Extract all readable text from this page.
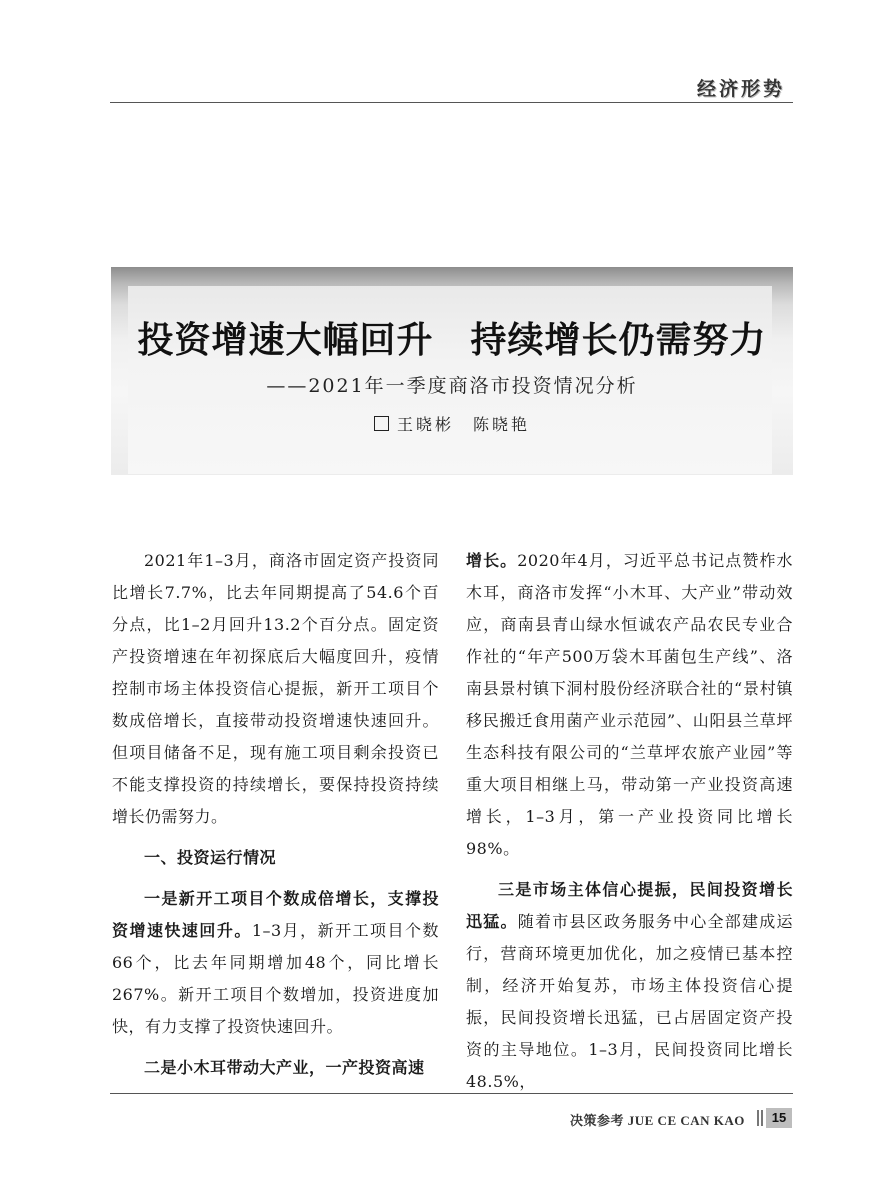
经济形势
投资增速大幅回升　持续增长仍需努力
——2021年一季度商洛市投资情况分析
王晓彬　陈晓艳

2021年1–3月，商洛市固定资产投资同比增长7.7%，比去年同期提高了54.6个百分点，比1–2月回升13.2个百分点。固定资产投资增速在年初探底后大幅度回升，疫情控制市场主体投资信心提振，新开工项目个数成倍增长，直接带动投资增速快速回升。但项目储备不足，现有施工项目剩余投资已不能支撑投资的持续增长，要保持投资持续增长仍需努力。

一、投资运行情况

一是新开工项目个数成倍增长，支撑投资增速快速回升。1–3月，新开工项目个数66个，比去年同期增加48个，同比增长267%。新开工项目个数增加，投资进度加快，有力支撑了投资快速回升。

二是小木耳带动大产业，一产投资高速

增长。2020年4月，习近平总书记点赞柞水木耳，商洛市发挥“小木耳、大产业”带动效应，商南县青山绿水恒诚农产品农民专业合作社的“年产500万袋木耳菌包生产线”、洛南县景村镇下洞村股份经济联合社的“景村镇移民搬迁食用菌产业示范园”、山阳县兰草坪生态科技有限公司的“兰草坪农旅产业园”等重大项目相继上马，带动第一产业投资高速增长，1–3月，第一产业投资同比增长98%。

三是市场主体信心提振，民间投资增长迅猛。随着市县区政务服务中心全部建成运行，营商环境更加优化，加之疫情已基本控制，经济开始复苏，市场主体投资信心提振，民间投资增长迅猛，已占居固定资产投资的主导地位。1–3月，民间投资同比增长48.5%，

决策参考 JUE CE CAN KAO	15
